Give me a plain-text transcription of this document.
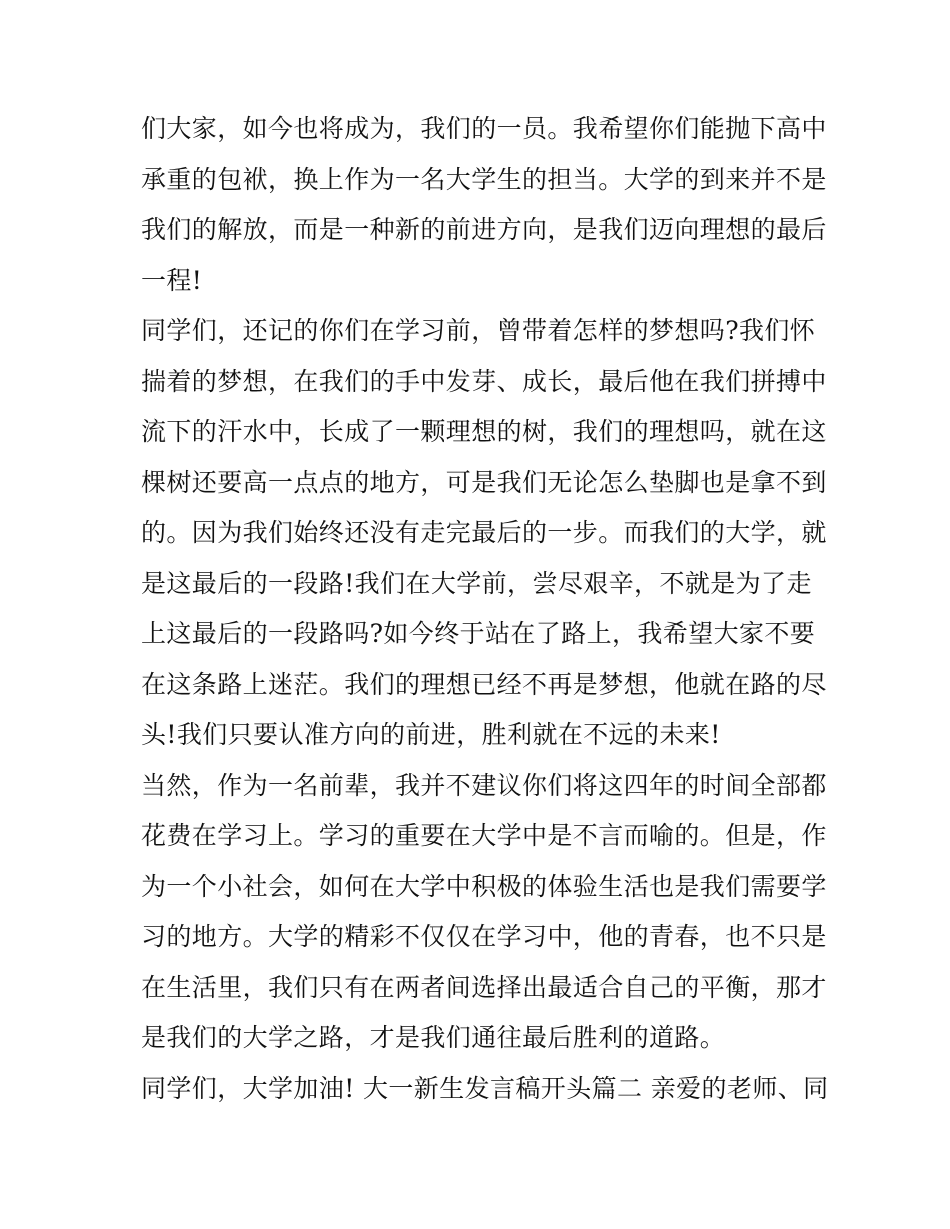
们大家，如今也将成为，我们的一员。我希望你们能抛下高中
承重的包袱，换上作为一名大学生的担当。大学的到来并不是
我们的解放，而是一种新的前进方向，是我们迈向理想的最后
一程!
同学们，还记的你们在学习前，曾带着怎样的梦想吗?我们怀
揣着的梦想，在我们的手中发芽、成长，最后他在我们拼搏中
流下的汗水中，长成了一颗理想的树，我们的理想吗，就在这
棵树还要高一点点的地方，可是我们无论怎么垫脚也是拿不到
的。因为我们始终还没有走完最后的一步。而我们的大学，就
是这最后的一段路!我们在大学前，尝尽艰辛，不就是为了走
上这最后的一段路吗?如今终于站在了路上，我希望大家不要
在这条路上迷茫。我们的理想已经不再是梦想，他就在路的尽
头!我们只要认准方向的前进，胜利就在不远的未来!
当然，作为一名前辈，我并不建议你们将这四年的时间全部都
花费在学习上。学习的重要在大学中是不言而喻的。但是，作
为一个小社会，如何在大学中积极的体验生活也是我们需要学
习的地方。大学的精彩不仅仅在学习中，他的青春，也不只是
在生活里，我们只有在两者间选择出最适合自己的平衡，那才
是我们的大学之路，才是我们通往最后胜利的道路。
同学们，大学加油! 大一新生发言稿开头篇二 亲爱的老师、同
